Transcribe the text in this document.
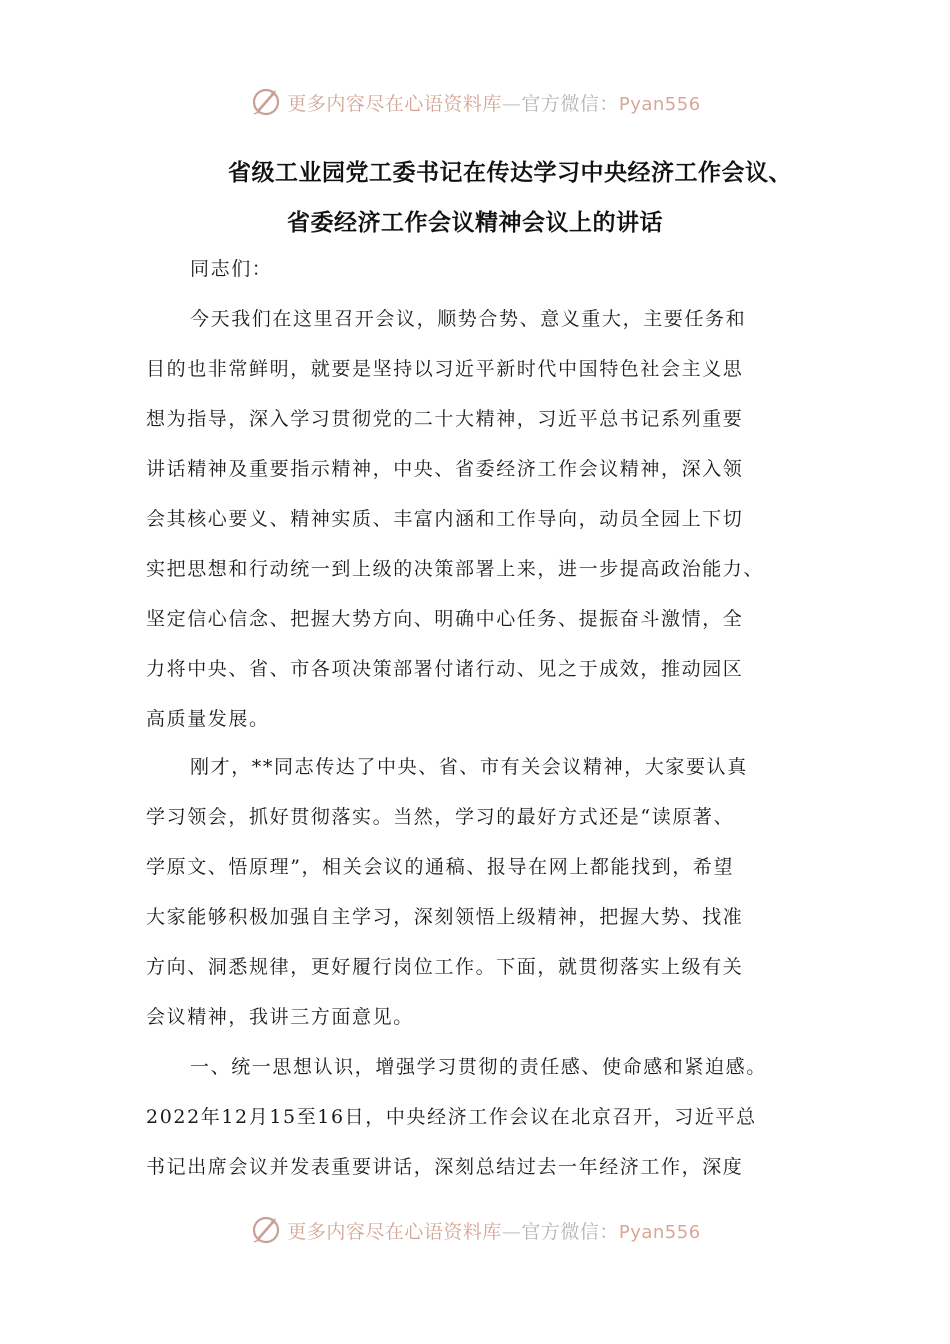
更多内容尽在心语资料库—官方微信：Pyan556
省级工业园党工委书记在传达学习中央经济工作会议、
省委经济工作会议精神会议上的讲话
同志们：
今天我们在这里召开会议，顺势合势、意义重大，主要任务和
目的也非常鲜明，就要是坚持以习近平新时代中国特色社会主义思
想为指导，深入学习贯彻党的二十大精神，习近平总书记系列重要
讲话精神及重要指示精神，中央、省委经济工作会议精神，深入领
会其核心要义、精神实质、丰富内涵和工作导向，动员全园上下切
实把思想和行动统一到上级的决策部署上来，进一步提高政治能力、
坚定信心信念、把握大势方向、明确中心任务、提振奋斗激情，全
力将中央、省、市各项决策部署付诸行动、见之于成效，推动园区
高质量发展。
刚才，**同志传达了中央、省、市有关会议精神，大家要认真
学习领会，抓好贯彻落实。当然，学习的最好方式还是“读原著、
学原文、悟原理”，相关会议的通稿、报导在网上都能找到，希望
大家能够积极加强自主学习，深刻领悟上级精神，把握大势、找准
方向、洞悉规律，更好履行岗位工作。下面，就贯彻落实上级有关
会议精神，我讲三方面意见。
一、统一思想认识，增强学习贯彻的责任感、使命感和紧迫感。
2022年12月15至16日，中央经济工作会议在北京召开，习近平总
书记出席会议并发表重要讲话，深刻总结过去一年经济工作，深度
更多内容尽在心语资料库—官方微信：Pyan556
